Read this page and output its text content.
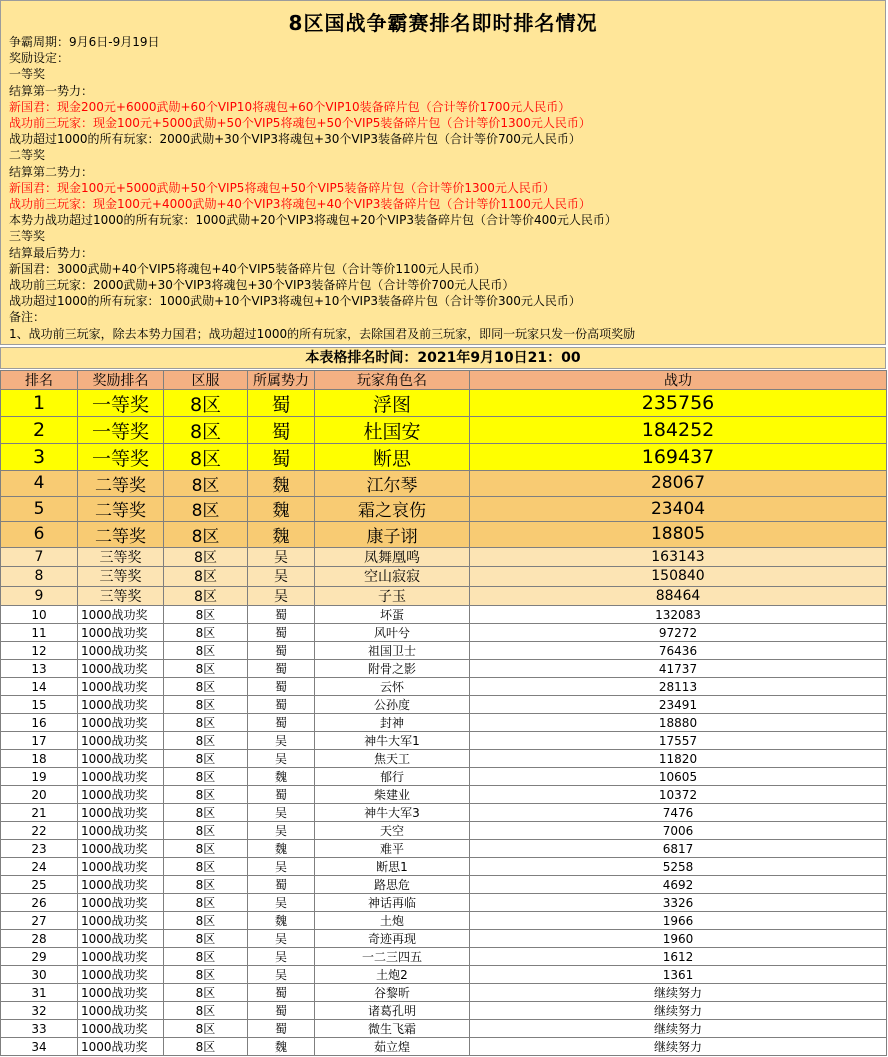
8区国战争霸赛排名即时排名情况
争霸周期：9月6日-9月19日
奖励设定：
一等奖
结算第一势力：
新国君：现金200元+6000武勋+60个VIP10将魂包+60个VIP10装备碎片包（合计等价1700元人民币）
战功前三玩家：现金100元+5000武勋+50个VIP5将魂包+50个VIP5装备碎片包（合计等价1300元人民币）
战功超过1000的所有玩家：2000武勋+30个VIP3将魂包+30个VIP3装备碎片包（合计等价700元人民币）
二等奖
结算第二势力：
新国君：现金100元+5000武勋+50个VIP5将魂包+50个VIP5装备碎片包（合计等价1300元人民币）
战功前三玩家：现金100元+4000武勋+40个VIP3将魂包+40个VIP3装备碎片包（合计等价1100元人民币）
本势力战功超过1000的所有玩家：1000武勋+20个VIP3将魂包+20个VIP3装备碎片包（合计等价400元人民币）
三等奖
结算最后势力：
新国君：3000武勋+40个VIP5将魂包+40个VIP5装备碎片包（合计等价1100元人民币）
战功前三玩家：2000武勋+30个VIP3将魂包+30个VIP3装备碎片包（合计等价700元人民币）
战功超过1000的所有玩家：1000武勋+10个VIP3将魂包+10个VIP3装备碎片包（合计等价300元人民币）
备注：
1、战功前三玩家，除去本势力国君；战功超过1000的所有玩家，去除国君及前三玩家，即同一玩家只发一份高项奖励
本表格排名时间：2021年9月10日21：00
排名	奖励排名	区服	所属势力	玩家角色名	战功
1	一等奖	8区	蜀	浮图	235756
2	一等奖	8区	蜀	杜国安	184252
3	一等奖	8区	蜀	断思	169437
4	二等奖	8区	魏	江尔琴	28067
5	二等奖	8区	魏	霜之哀伤	23404
6	二等奖	8区	魏	康子诩	18805
7	三等奖	8区	吴	凤舞凰鸣	163143
8	三等奖	8区	吴	空山寂寂	150840
9	三等奖	8区	吴	子玉	88464
10	1000战功奖	8区	蜀	坏蛋	132083
11	1000战功奖	8区	蜀	风叶兮	97272
12	1000战功奖	8区	蜀	祖国卫士	76436
13	1000战功奖	8区	蜀	附骨之影	41737
14	1000战功奖	8区	蜀	云怀	28113
15	1000战功奖	8区	蜀	公孙度	23491
16	1000战功奖	8区	蜀	封神	18880
17	1000战功奖	8区	吴	神牛大军1	17557
18	1000战功奖	8区	吴	焦天工	11820
19	1000战功奖	8区	魏	郁行	10605
20	1000战功奖	8区	蜀	柴建业	10372
21	1000战功奖	8区	吴	神牛大军3	7476
22	1000战功奖	8区	吴	天空	7006
23	1000战功奖	8区	魏	难平	6817
24	1000战功奖	8区	吴	断思1	5258
25	1000战功奖	8区	蜀	路思危	4692
26	1000战功奖	8区	吴	神话再临	3326
27	1000战功奖	8区	魏	土炮	1966
28	1000战功奖	8区	吴	奇迹再现	1960
29	1000战功奖	8区	吴	一二三四五	1612
30	1000战功奖	8区	吴	土炮2	1361
31	1000战功奖	8区	蜀	谷黎昕	继续努力
32	1000战功奖	8区	蜀	诸葛孔明	继续努力
33	1000战功奖	8区	蜀	微生飞霜	继续努力
34	1000战功奖	8区	魏	茹立煌	继续努力
